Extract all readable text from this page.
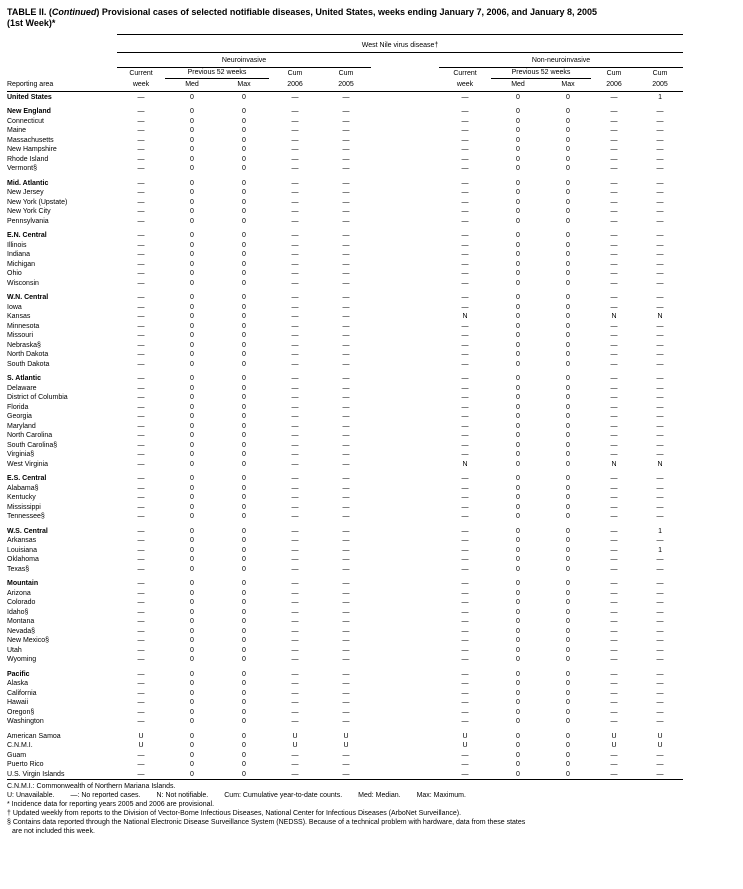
TABLE II. (Continued) Provisional cases of selected notifiable diseases, United States, weeks ending January 7, 2006, and January 8, 2005
(1st Week)*
	West Nile virus disease†										
	Neuroinvasive						Non-neuroinvasive				
	Current	Previous 52 weeks		Cum	Cum		Current	Previous 52 weeks		Cum	Cum
Reporting area	week	Med	Max	2006	2005		week	Med	Max	2006	2005
United States	—	0	0	—	—		—	0	0	—	1
New England	—	0	0	—	—		—	0	0	—	—
Connecticut	—	0	0	—	—		—	0	0	—	—
Maine	—	0	0	—	—		—	0	0	—	—
Massachusetts	—	0	0	—	—		—	0	0	—	—
New Hampshire	—	0	0	—	—		—	0	0	—	—
Rhode Island	—	0	0	—	—		—	0	0	—	—
Vermont§	—	0	0	—	—		—	0	0	—	—
Mid. Atlantic	—	0	0	—	—		—	0	0	—	—
New Jersey	—	0	0	—	—		—	0	0	—	—
New York (Upstate)	—	0	0	—	—		—	0	0	—	—
New York City	—	0	0	—	—		—	0	0	—	—
Pennsylvania	—	0	0	—	—		—	0	0	—	—
E.N. Central	—	0	0	—	—		—	0	0	—	—
Illinois	—	0	0	—	—		—	0	0	—	—
Indiana	—	0	0	—	—		—	0	0	—	—
Michigan	—	0	0	—	—		—	0	0	—	—
Ohio	—	0	0	—	—		—	0	0	—	—
Wisconsin	—	0	0	—	—		—	0	0	—	—
W.N. Central	—	0	0	—	—		—	0	0	—	—
Iowa	—	0	0	—	—		—	0	0	—	—
Kansas	—	0	0	—	—		N	0	0	N	N
Minnesota	—	0	0	—	—		—	0	0	—	—
Missouri	—	0	0	—	—		—	0	0	—	—
Nebraska§	—	0	0	—	—		—	0	0	—	—
North Dakota	—	0	0	—	—		—	0	0	—	—
South Dakota	—	0	0	—	—		—	0	0	—	—
S. Atlantic	—	0	0	—	—		—	0	0	—	—
Delaware	—	0	0	—	—		—	0	0	—	—
District of Columbia	—	0	0	—	—		—	0	0	—	—
Florida	—	0	0	—	—		—	0	0	—	—
Georgia	—	0	0	—	—		—	0	0	—	—
Maryland	—	0	0	—	—		—	0	0	—	—
North Carolina	—	0	0	—	—		—	0	0	—	—
South Carolina§	—	0	0	—	—		—	0	0	—	—
Virginia§	—	0	0	—	—		—	0	0	—	—
West Virginia	—	0	0	—	—		N	0	0	N	N
E.S. Central	—	0	0	—	—		—	0	0	—	—
Alabama§	—	0	0	—	—		—	0	0	—	—
Kentucky	—	0	0	—	—		—	0	0	—	—
Mississippi	—	0	0	—	—		—	0	0	—	—
Tennessee§	—	0	0	—	—		—	0	0	—	—
W.S. Central	—	0	0	—	—		—	0	0	—	1
Arkansas	—	0	0	—	—		—	0	0	—	—
Louisiana	—	0	0	—	—		—	0	0	—	1
Oklahoma	—	0	0	—	—		—	0	0	—	—
Texas§	—	0	0	—	—		—	0	0	—	—
Mountain	—	0	0	—	—		—	0	0	—	—
Arizona	—	0	0	—	—		—	0	0	—	—
Colorado	—	0	0	—	—		—	0	0	—	—
Idaho§	—	0	0	—	—		—	0	0	—	—
Montana	—	0	0	—	—		—	0	0	—	—
Nevada§	—	0	0	—	—		—	0	0	—	—
New Mexico§	—	0	0	—	—		—	0	0	—	—
Utah	—	0	0	—	—		—	0	0	—	—
Wyoming	—	0	0	—	—		—	0	0	—	—
Pacific	—	0	0	—	—		—	0	0	—	—
Alaska	—	0	0	—	—		—	0	0	—	—
California	—	0	0	—	—		—	0	0	—	—
Hawaii	—	0	0	—	—		—	0	0	—	—
Oregon§	—	0	0	—	—		—	0	0	—	—
Washington	—	0	0	—	—		—	0	0	—	—
American Samoa	U	0	0	U	U		U	0	0	U	U
C.N.M.I.	U	0	0	U	U		U	0	0	U	U
Guam	—	0	0	—	—		—	0	0	—	—
Puerto Rico	—	0	0	—	—		—	0	0	—	—
U.S. Virgin Islands	—	0	0	—	—		—	0	0	—	—
C.N.M.I.: Commonwealth of Northern Mariana Islands.
U: Unavailable. —: No reported cases. N: Not notifiable. Cum: Cumulative year-to-date counts. Med: Median. Max: Maximum.
* Incidence data for reporting years 2005 and 2006 are provisional.
† Updated weekly from reports to the Division of Vector-Borne Infectious Diseases, National Center for Infectious Diseases (ArboNet Surveillance).
§ Contains data reported through the National Electronic Disease Surveillance System (NEDSS). Because of a technical problem with hardware, data from these states
are not included this week.
